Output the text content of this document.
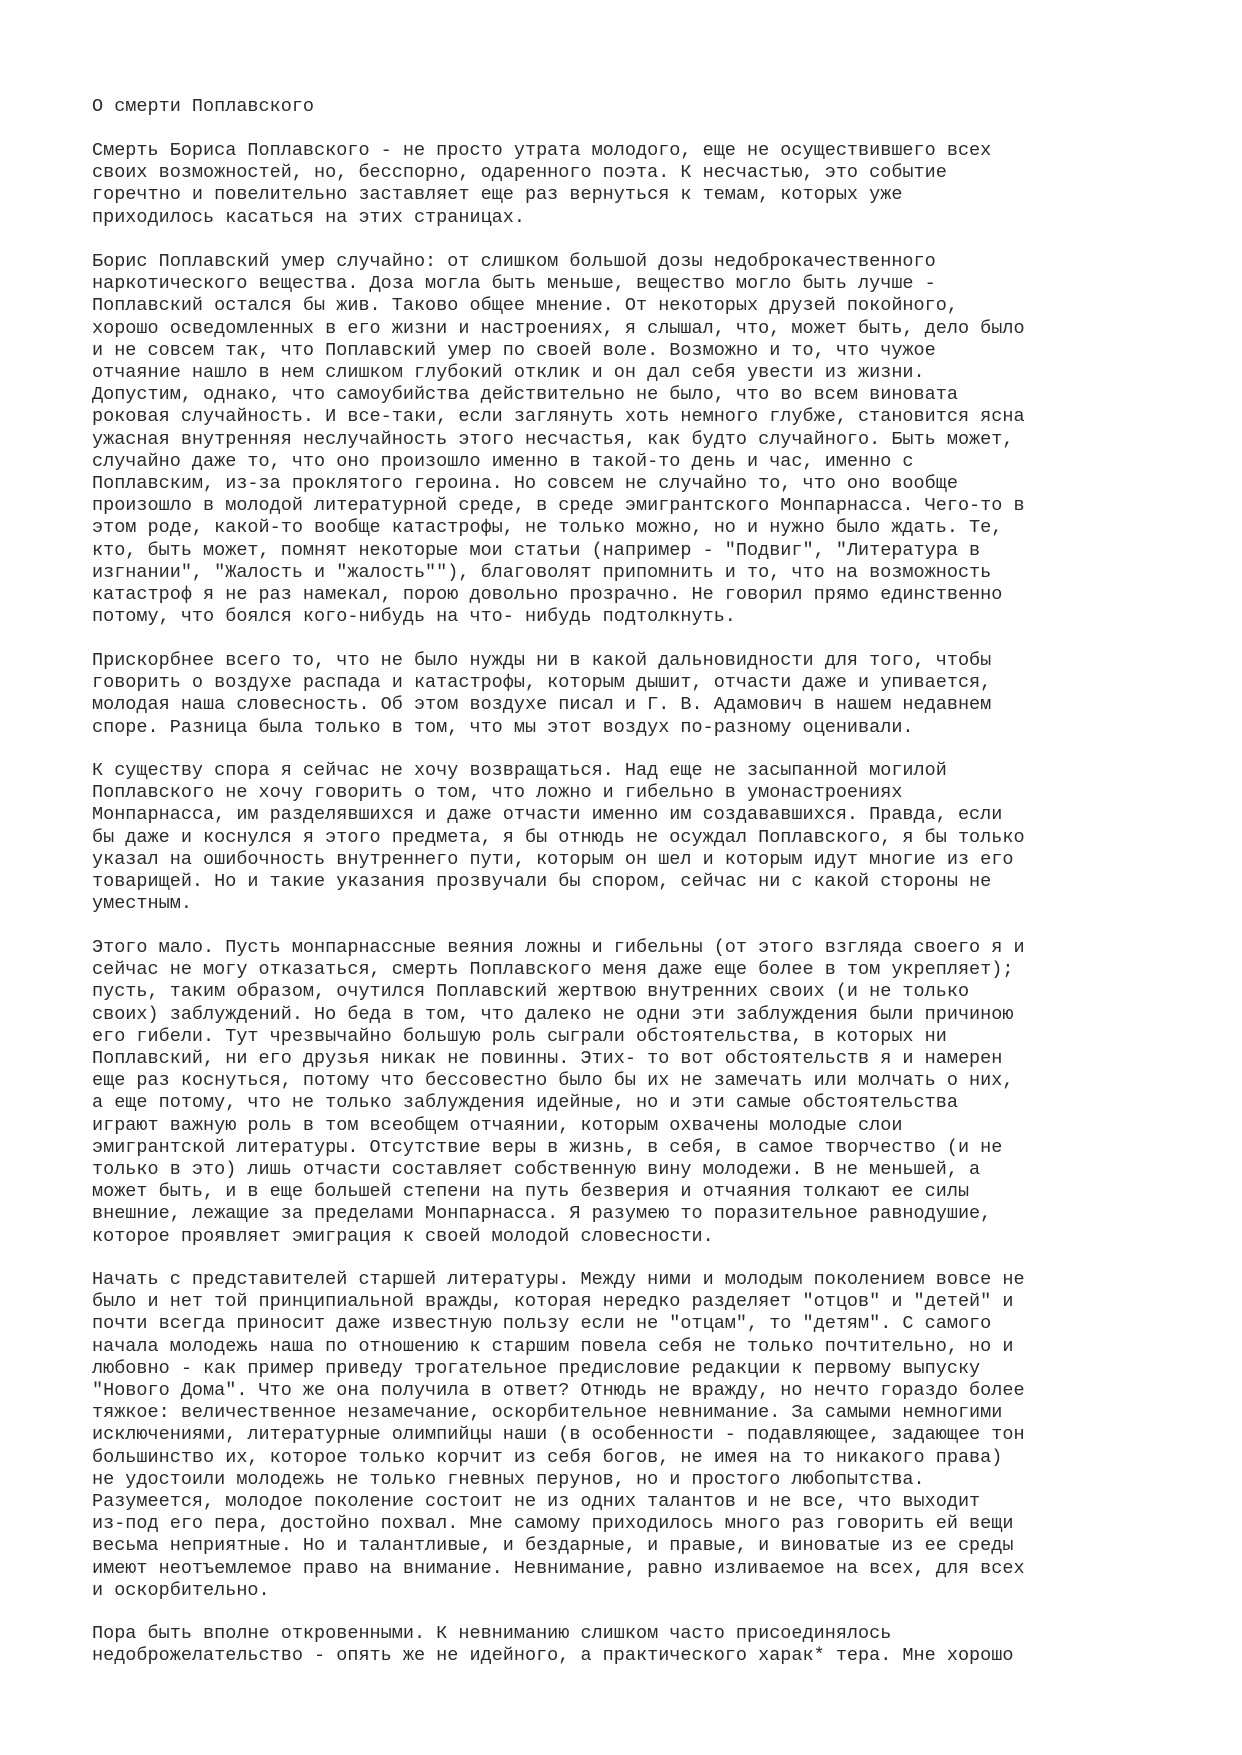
О смерти Поплавского

Смерть Бориса Поплавского - не просто утрата молодого, еще не осуществившего всех
своих возможностей, но, бесспорно, одаренного поэта. К несчастью, это событие
горечтно и повелительно заставляет еще раз вернуться к темам, которых уже
приходилось касаться на этих страницах.

Борис Поплавский умер случайно: от слишком большой дозы недоброкачественного
наркотического вещества. Доза могла быть меньше, вещество могло быть лучше -
Поплавский остался бы жив. Таково общее мнение. От некоторых друзей покойного,
хорошо осведомленных в его жизни и настроениях, я слышал, что, может быть, дело было
и не совсем так, что Поплавский умер по своей воле. Возможно и то, что чужое
отчаяние нашло в нем слишком глубокий отклик и он дал себя увести из жизни.
Допустим, однако, что самоубийства действительно не было, что во всем виновата
роковая случайность. И все-таки, если заглянуть хоть немного глубже, становится ясна
ужасная внутренняя неслучайность этого несчастья, как будто случайного. Быть может,
случайно даже то, что оно произошло именно в такой-то день и час, именно с
Поплавским, из-за проклятого героина. Но совсем не случайно то, что оно вообще
произошло в молодой литературной среде, в среде эмигрантского Монпарнасса. Чего-то в
этом роде, какой-то вообще катастрофы, не только можно, но и нужно было ждать. Те,
кто, быть может, помнят некоторые мои статьи (например - "Подвиг", "Литература в
изгнании", "Жалость и "жалость""), благоволят припомнить и то, что на возможность
катастроф я не раз намекал, порою довольно прозрачно. Не говорил прямо единственно
потому, что боялся кого-нибудь на что- нибудь подтолкнуть.

Прискорбнее всего то, что не было нужды ни в какой дальновидности для того, чтобы
говорить о воздухе распада и катастрофы, которым дышит, отчасти даже и упивается,
молодая наша словесность. Об этом воздухе писал и Г. В. Адамович в нашем недавнем
споре. Разница была только в том, что мы этот воздух по-разному оценивали.

К существу спора я сейчас не хочу возвращаться. Над еще не засыпанной могилой
Поплавского не хочу говорить о том, что ложно и гибельно в умонастроениях
Монпарнасса, им разделявшихся и даже отчасти именно им создававшихся. Правда, если
бы даже и коснулся я этого предмета, я бы отнюдь не осуждал Поплавского, я бы только
указал на ошибочность внутреннего пути, которым он шел и которым идут многие из его
товарищей. Но и такие указания прозвучали бы спором, сейчас ни с какой стороны не
уместным.

Этого мало. Пусть монпарнассные веяния ложны и гибельны (от этого взгляда своего я и
сейчас не могу отказаться, смерть Поплавского меня даже еще более в том укрепляет);
пусть, таким образом, очутился Поплавский жертвою внутренних своих (и не только
своих) заблуждений. Но беда в том, что далеко не одни эти заблуждения были причиною
его гибели. Тут чрезвычайно большую роль сыграли обстоятельства, в которых ни
Поплавский, ни его друзья никак не повинны. Этих- то вот обстоятельств я и намерен
еще раз коснуться, потому что бессовестно было бы их не замечать или молчать о них,
а еще потому, что не только заблуждения идейные, но и эти самые обстоятельства
играют важную роль в том всеобщем отчаянии, которым охвачены молодые слои
эмигрантской литературы. Отсутствие веры в жизнь, в себя, в самое творчество (и не
только в это) лишь отчасти составляет собственную вину молодежи. В не меньшей, а
может быть, и в еще большей степени на путь безверия и отчаяния толкают ее силы
внешние, лежащие за пределами Монпарнасса. Я разумею то поразительное равнодушие,
которое проявляет эмиграция к своей молодой словесности.

Начать с представителей старшей литературы. Между ними и молодым поколением вовсе не
было и нет той принципиальной вражды, которая нередко разделяет "отцов" и "детей" и
почти всегда приносит даже известную пользу если не "отцам", то "детям". С самого
начала молодежь наша по отношению к старшим повела себя не только почтительно, но и
любовно - как пример приведу трогательное предисловие редакции к первому выпуску
"Нового Дома". Что же она получила в ответ? Отнюдь не вражду, но нечто гораздо более
тяжкое: величественное незамечание, оскорбительное невнимание. За самыми немногими
исключениями, литературные олимпийцы наши (в особенности - подавляющее, задающее тон
большинство их, которое только корчит из себя богов, не имея на то никакого права)
не удостоили молодежь не только гневных перунов, но и простого любопытства.
Разумеется, молодое поколение состоит не из одних талантов и не все, что выходит
из-под его пера, достойно похвал. Мне самому приходилось много раз говорить ей вещи
весьма неприятные. Но и талантливые, и бездарные, и правые, и виноватые из ее среды
имеют неотъемлемое право на внимание. Невнимание, равно изливаемое на всех, для всех
и оскорбительно.

Пора быть вполне откровенными. К невниманию слишком часто присоединялось
недоброжелательство - опять же не идейного, а практического харак* тера. Мне хорошо
